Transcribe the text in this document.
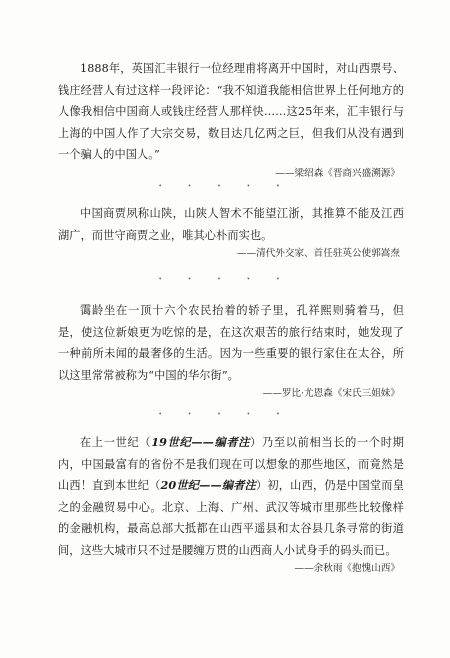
1888年，英国汇丰银行一位经理甫将离开中国时，对山西票号、钱庄经营人有过这样一段评论：“我不知道我能相信世界上任何地方的人像我相信中国商人或钱庄经营人那样快……这25年来，汇丰银行与上海的中国人作了大宗交易，数目达几亿两之巨，但我们从没有遇到一个骗人的中国人。”

——梁绍森《晋商兴盛溯源》

• • • • •

中国商贾夙称山陕，山陕人智术不能望江浙，其推算不能及江西湖广，而世守商贾之业，唯其心朴而实也。

——清代外交家、首任驻英公使郭嵩焘

• • • • •

霭龄坐在一顶十六个农民抬着的轿子里，孔祥熙则骑着马，但是，使这位新娘更为吃惊的是，在这次艰苦的旅行结束时，她发现了一种前所未闻的最奢侈的生活。因为一些重要的银行家住在太谷，所以这里常常被称为“中国的华尔街”。

——罗比·尤恩森《宋氏三姐妹》

• • • • •

在上一世纪（19世纪——编者注）乃至以前相当长的一个时期内，中国最富有的省份不是我们现在可以想象的那些地区，而竟然是山西！直到本世纪（20世纪——编者注）初，山西，仍是中国堂而皇之的金融贸易中心。北京、上海、广州、武汉等城市里那些比较像样的金融机构，最高总部大抵都在山西平遥县和太谷县几条寻常的街道间，这些大城市只不过是腰缠万贯的山西商人小试身手的码头而已。

——余秋雨《抱愧山西》
